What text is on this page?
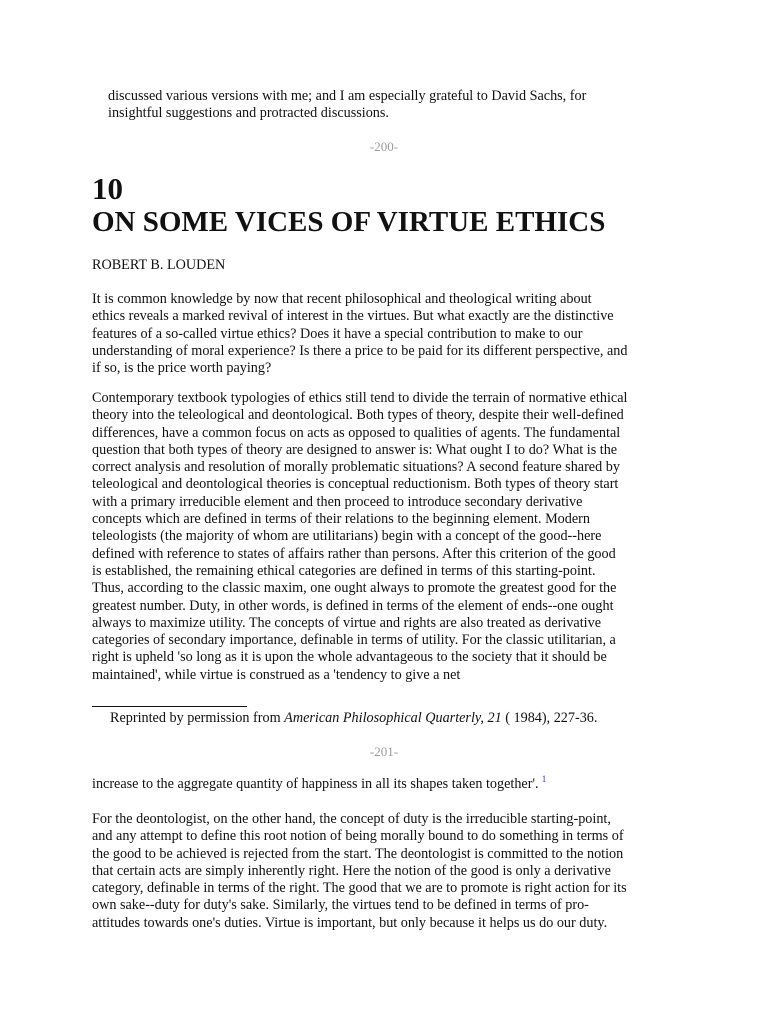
discussed various versions with me; and I am especially grateful to David Sachs, for
insightful suggestions and protracted discussions.
-200-
10
ON SOME VICES OF VIRTUE ETHICS
ROBERT B. LOUDEN
It is common knowledge by now that recent philosophical and theological writing about
ethics reveals a marked revival of interest in the virtues. But what exactly are the distinctive
features of a so-called virtue ethics? Does it have a special contribution to make to our
understanding of moral experience? Is there a price to be paid for its different perspective, and
if so, is the price worth paying?
Contemporary textbook typologies of ethics still tend to divide the terrain of normative ethical
theory into the teleological and deontological. Both types of theory, despite their well-defined
differences, have a common focus on acts as opposed to qualities of agents. The fundamental
question that both types of theory are designed to answer is: What ought I to do? What is the
correct analysis and resolution of morally problematic situations? A second feature shared by
teleological and deontological theories is conceptual reductionism. Both types of theory start
with a primary irreducible element and then proceed to introduce secondary derivative
concepts which are defined in terms of their relations to the beginning element. Modern
teleologists (the majority of whom are utilitarians) begin with a concept of the good--here
defined with reference to states of affairs rather than persons. After this criterion of the good
is established, the remaining ethical categories are defined in terms of this starting-point.
Thus, according to the classic maxim, one ought always to promote the greatest good for the
greatest number. Duty, in other words, is defined in terms of the element of ends--one ought
always to maximize utility. The concepts of virtue and rights are also treated as derivative
categories of secondary importance, definable in terms of utility. For the classic utilitarian, a
right is upheld 'so long as it is upon the whole advantageous to the society that it should be
maintained', while virtue is construed as a 'tendency to give a net
Reprinted by permission from American Philosophical Quarterly, 21 ( 1984), 227-36.
-201-
increase to the aggregate quantity of happiness in all its shapes taken together'. $^1$
For the deontologist, on the other hand, the concept of duty is the irreducible starting-point,
and any attempt to define this root notion of being morally bound to do something in terms of
the good to be achieved is rejected from the start. The deontologist is committed to the notion
that certain acts are simply inherently right. Here the notion of the good is only a derivative
category, definable in terms of the right. The good that we are to promote is right action for its
own sake--duty for duty's sake. Similarly, the virtues tend to be defined in terms of pro-
attitudes towards one's duties. Virtue is important, but only because it helps us do our duty.
